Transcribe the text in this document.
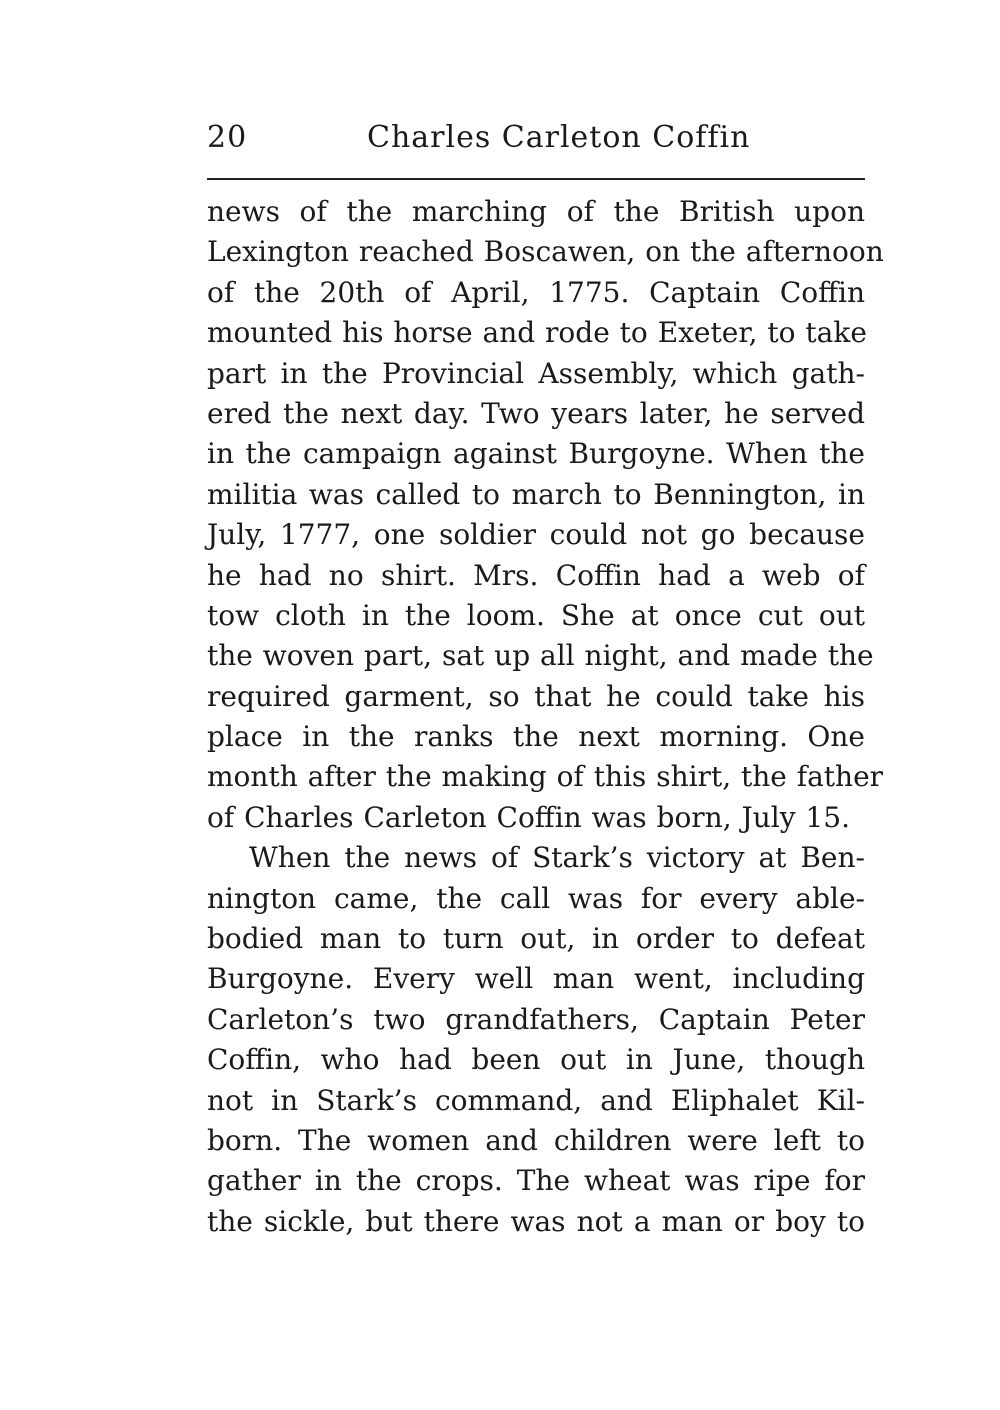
20	Charles Carleton Coffin
news of the marching of the British upon
Lexington reached Boscawen, on the afternoon
of the 20th of April, 1775. Captain Coffin
mounted his horse and rode to Exeter, to take
part in the Provincial Assembly, which gath-
ered the next day. Two years later, he served
in the campaign against Burgoyne. When the
militia was called to march to Bennington, in
July, 1777, one soldier could not go because
he had no shirt. Mrs. Coffin had a web of
tow cloth in the loom. She at once cut out
the woven part, sat up all night, and made the
required garment, so that he could take his
place in the ranks the next morning. One
month after the making of this shirt, the father
of Charles Carleton Coffin was born, July 15.
When the news of Stark’s victory at Ben-
nington came, the call was for every able-
bodied man to turn out, in order to defeat
Burgoyne. Every well man went, including
Carleton’s two grandfathers, Captain Peter
Coffin, who had been out in June, though
not in Stark’s command, and Eliphalet Kil-
born. The women and children were left to
gather in the crops. The wheat was ripe for
the sickle, but there was not a man or boy to
